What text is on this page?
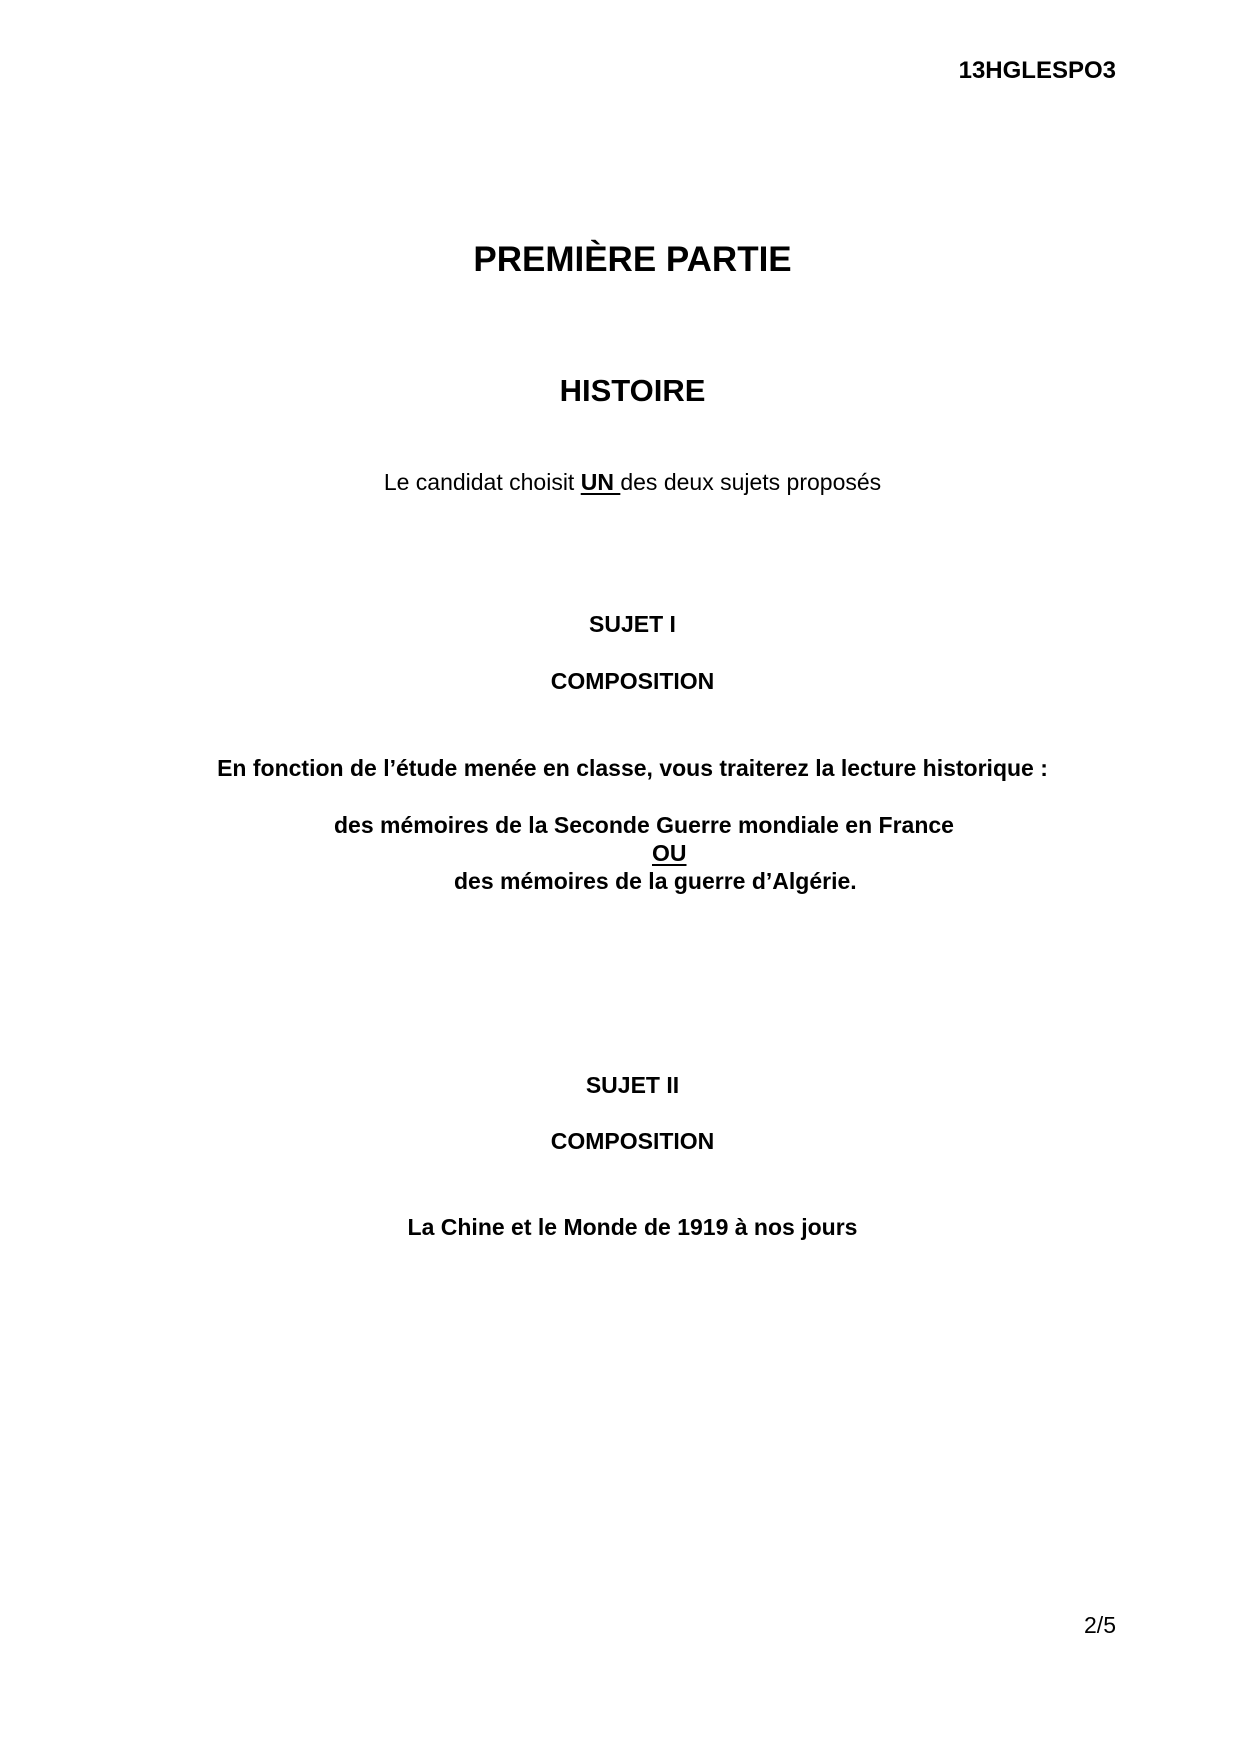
13HGLESPO3
PREMIÈRE PARTIE
HISTOIRE
Le candidat choisit UN des deux sujets proposés
SUJET I
COMPOSITION
En fonction de l’étude menée en classe, vous traiterez la lecture historique :
des mémoires de la Seconde Guerre mondiale en France
OU
des mémoires de la guerre d’Algérie.
SUJET II
COMPOSITION
La Chine et le Monde de 1919 à nos jours
2/5
